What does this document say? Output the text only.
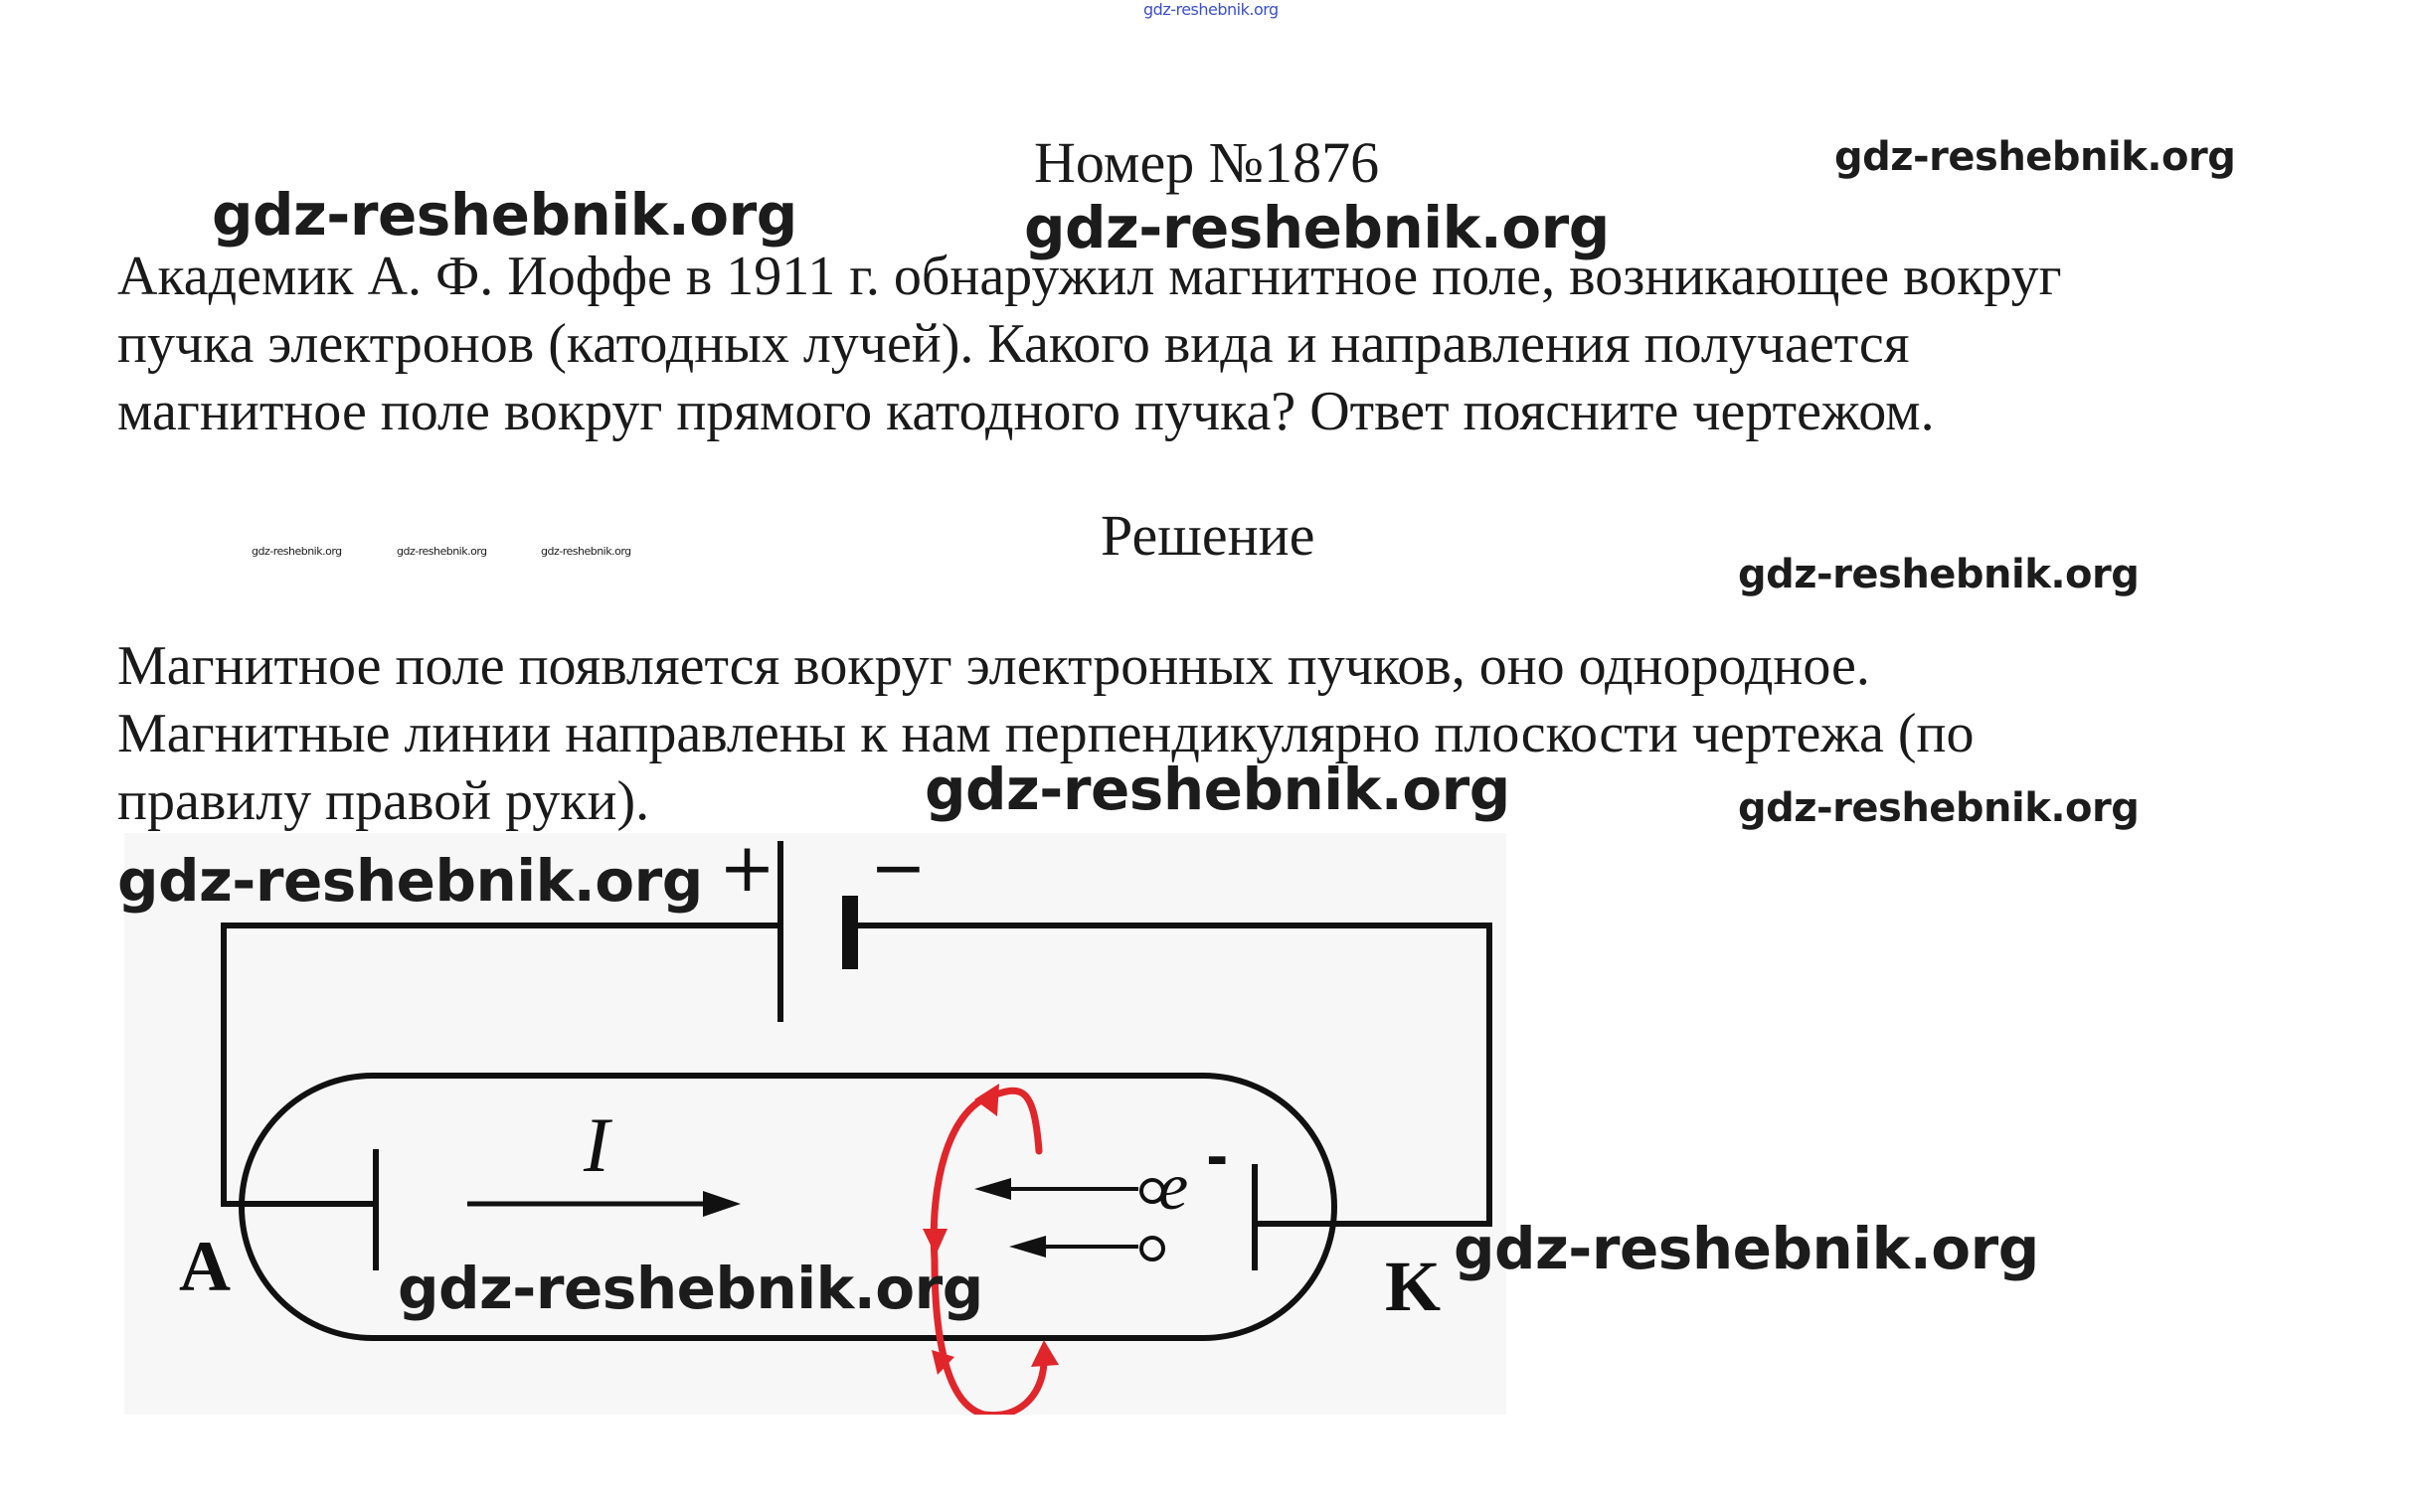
gdz-reshebnik.org
Номер №1876
gdz-reshebnik.org	gdz-reshebnik.org
gdz-reshebnik.org
Академик А. Ф. Иоффе в 1911 г. обнаружил магнитное поле, возникающее вокруг
пучка электронов (катодных лучей). Какого вида и направления получается
магнитное поле вокруг прямого катодного пучка? Ответ поясните чертежом.
gdz-reshebnik.org	gdz-reshebnik.org	gdz-reshebnik.org	Решение
gdz-reshebnik.org
Магнитное поле появляется вокруг электронных пучков, оно однородное.
Магнитные линии направлены к нам перпендикулярно плоскости чертежа (по
правилу правой руки).	gdz-reshebnik.org	gdz-reshebnik.org
+ −
I	e -
A	K
gdz-reshebnik.org
gdz-reshebnik.org
gdz-reshebnik.org
